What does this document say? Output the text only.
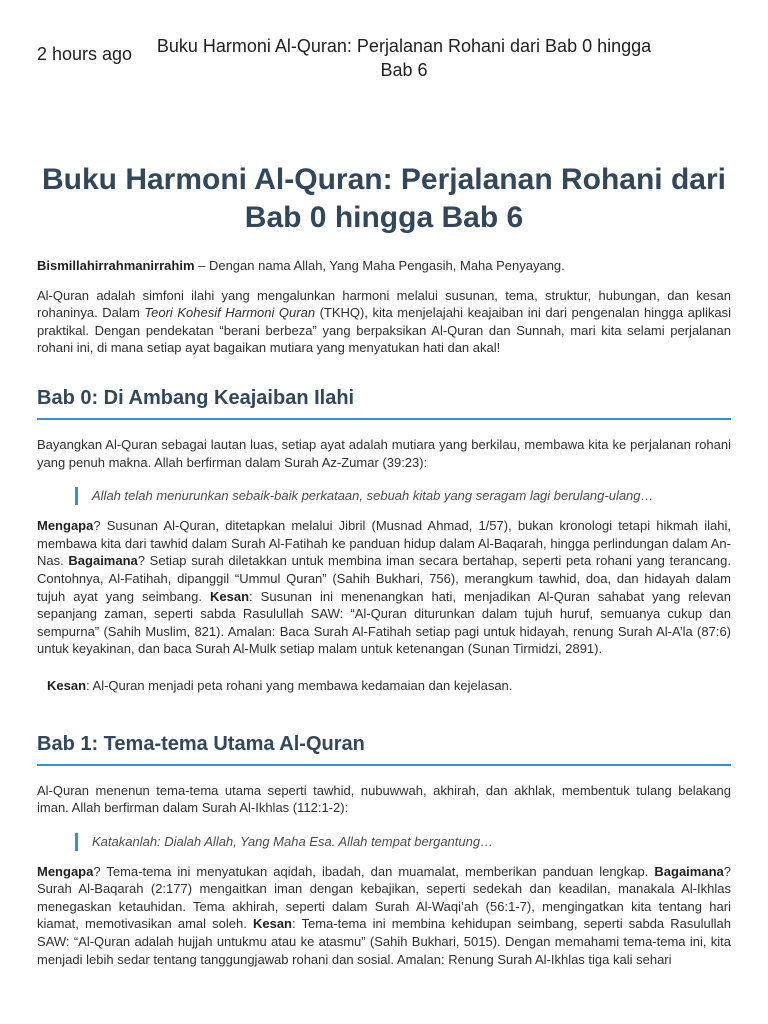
2 hours ago	Buku Harmoni Al-Quran: Perjalanan Rohani dari Bab 0 hingga Bab 6
Buku Harmoni Al-Quran: Perjalanan Rohani dari Bab 0 hingga Bab 6

Bismillahirrahmanirrahim – Dengan nama Allah, Yang Maha Pengasih, Maha Penyayang.

Al-Quran adalah simfoni ilahi yang mengalunkan harmoni melalui susunan, tema, struktur, hubungan, dan kesan rohaninya. Dalam Teori Kohesif Harmoni Quran (TKHQ), kita menjelajahi keajaiban ini dari pengenalan hingga aplikasi praktikal. Dengan pendekatan “berani berbeza” yang berpaksikan Al-Quran dan Sunnah, mari kita selami perjalanan rohani ini, di mana setiap ayat bagaikan mutiara yang menyatukan hati dan akal!

Bab 0: Di Ambang Keajaiban Ilahi

Bayangkan Al-Quran sebagai lautan luas, setiap ayat adalah mutiara yang berkilau, membawa kita ke perjalanan rohani yang penuh makna. Allah berfirman dalam Surah Az-Zumar (39:23):

Allah telah menurunkan sebaik-baik perkataan, sebuah kitab yang seragam lagi berulang-ulang…

Mengapa? Susunan Al-Quran, ditetapkan melalui Jibril (Musnad Ahmad, 1/57), bukan kronologi tetapi hikmah ilahi, membawa kita dari tawhid dalam Surah Al-Fatihah ke panduan hidup dalam Al-Baqarah, hingga perlindungan dalam An-Nas. Bagaimana? Setiap surah diletakkan untuk membina iman secara bertahap, seperti peta rohani yang terancang. Contohnya, Al-Fatihah, dipanggil “Ummul Quran” (Sahih Bukhari, 756), merangkum tawhid, doa, dan hidayah dalam tujuh ayat yang seimbang. Kesan: Susunan ini menenangkan hati, menjadikan Al-Quran sahabat yang relevan sepanjang zaman, seperti sabda Rasulullah SAW: “Al-Quran diturunkan dalam tujuh huruf, semuanya cukup dan sempurna” (Sahih Muslim, 821). Amalan: Baca Surah Al-Fatihah setiap pagi untuk hidayah, renung Surah Al-A’la (87:6) untuk keyakinan, dan baca Surah Al-Mulk setiap malam untuk ketenangan (Sunan Tirmidzi, 2891).

Kesan: Al-Quran menjadi peta rohani yang membawa kedamaian dan kejelasan.

Bab 1: Tema-tema Utama Al-Quran

Al-Quran menenun tema-tema utama seperti tawhid, nubuwwah, akhirah, dan akhlak, membentuk tulang belakang iman. Allah berfirman dalam Surah Al-Ikhlas (112:1-2):

Katakanlah: Dialah Allah, Yang Maha Esa. Allah tempat bergantung…

Mengapa? Tema-tema ini menyatukan aqidah, ibadah, dan muamalat, memberikan panduan lengkap. Bagaimana? Surah Al-Baqarah (2:177) mengaitkan iman dengan kebajikan, seperti sedekah dan keadilan, manakala Al-Ikhlas menegaskan ketauhidan. Tema akhirah, seperti dalam Surah Al-Waqi’ah (56:1-7), mengingatkan kita tentang hari kiamat, memotivasikan amal soleh. Kesan: Tema-tema ini membina kehidupan seimbang, seperti sabda Rasulullah SAW: “Al-Quran adalah hujjah untukmu atau ke atasmu” (Sahih Bukhari, 5015). Dengan memahami tema-tema ini, kita menjadi lebih sedar tentang tanggungjawab rohani dan sosial. Amalan: Renung Surah Al-Ikhlas tiga kali sehari
